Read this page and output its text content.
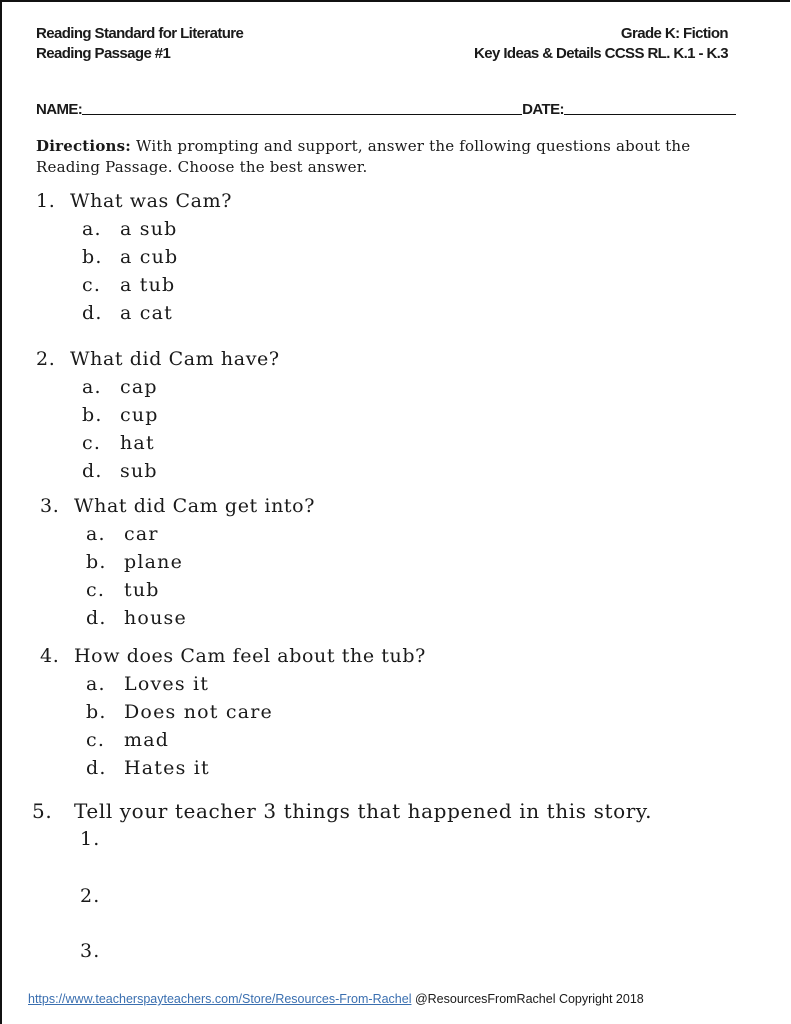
Reading Standard for Literature
Reading Passage #1
Grade K: Fiction
Key Ideas & Details CCSS RL. K.1 - K.3
NAME:	DATE:
Directions: With prompting and support, answer the following questions about the Reading Passage. Choose the best answer.
1. What was Cam?
a. a sub
b. a cub
c. a tub
d. a cat
2. What did Cam have?
a. cap
b. cup
c. hat
d. sub
3. What did Cam get into?
a. car
b. plane
c. tub
d. house
4. How does Cam feel about the tub?
a. Loves it
b. Does not care
c. mad
d. Hates it
5. Tell your teacher 3 things that happened in this story.
1.
2.
3.
https://www.teacherspayteachers.com/Store/Resources-From-Rachel @ResourcesFromRachel Copyright 2018
